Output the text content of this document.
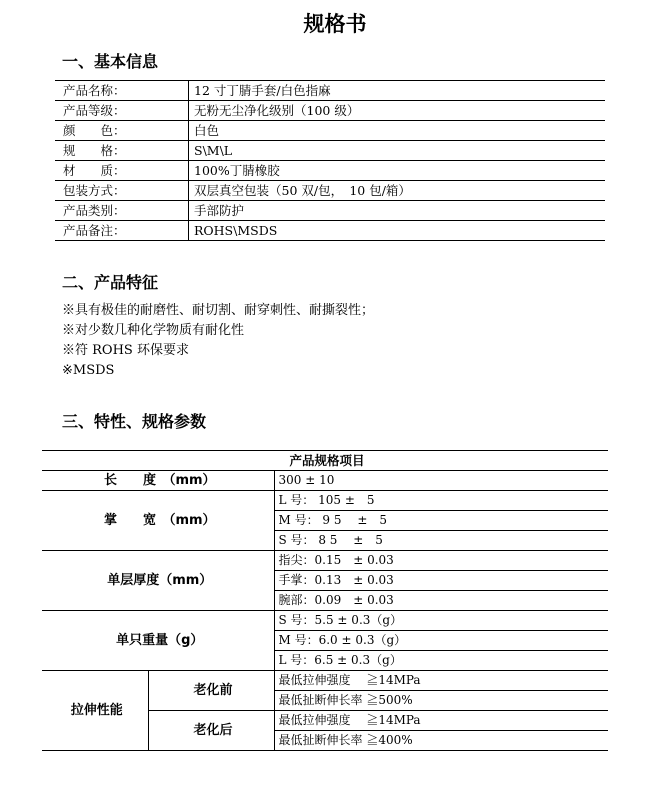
规格书
一、基本信息
产品名称：	12 寸丁腈手套/白色指麻
产品等级：	无粉无尘净化级别（100 级）
颜　　色：	白色
规　　格：	S\M\L
材　　质：	100%丁腈橡胶
包装方式：	双层真空包装（50 双/包，　10 包/箱）
产品类别：	手部防护
产品备注：	ROHS\MSDS
二、产品特征
※具有极佳的耐磨性、耐切割、耐穿刺性、耐撕裂性；
※对少数几种化学物质有耐化性
※符 ROHS 环保要求
※MSDS
三、特性、规格参数
产品规格项目		
长　　度　（mm）		300 ± 10
掌　　宽　（mm）		L 号： 105 ±　5
		M 号： 9 5 　±　5
		S 号： 8 5 　±　5
单层厚度（mm）		指尖：0.15　± 0.03
		手掌：0.13　± 0.03
		腕部：0.09　± 0.03
单只重量（g）		S 号：5.5 ± 0.3（g）
		M 号：6.0 ± 0.3（g）
		L 号：6.5 ± 0.3（g）
拉伸性能	老化前	最低拉伸强度　 ≧14MPa
		最低扯断伸长率 ≧500%
	老化后	最低拉伸强度　 ≧14MPa
		最低扯断伸长率 ≧400%
